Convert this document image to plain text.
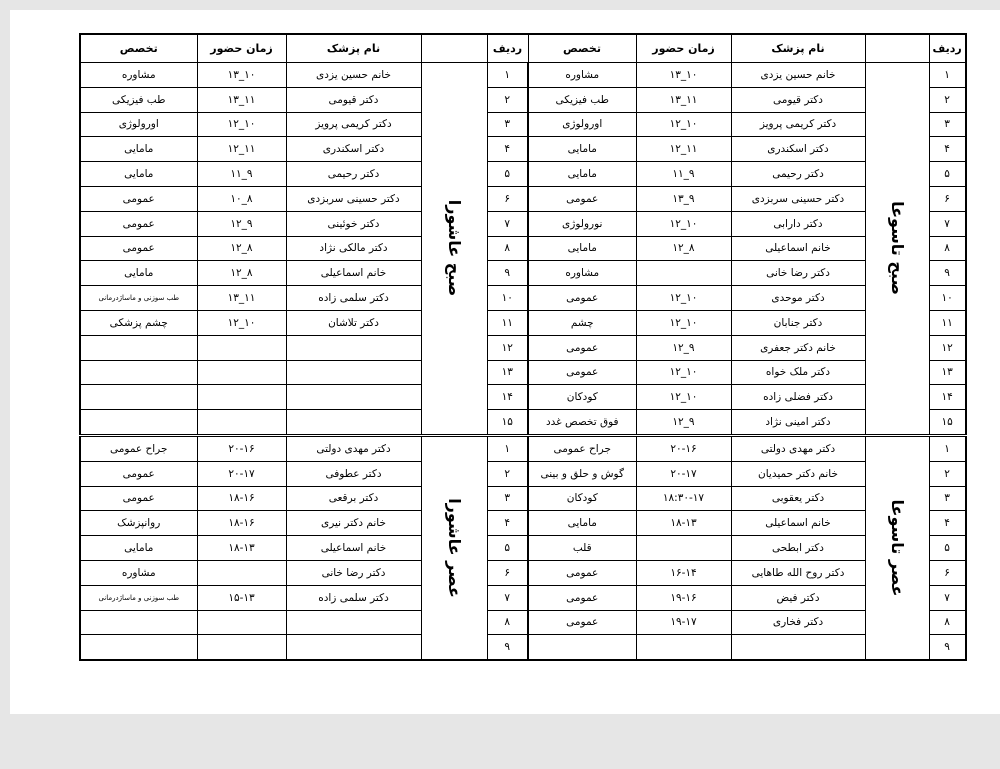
تخصص	زمان حضور	نام پزشک		ردیف	تخصص	زمان حضور	نام پزشک		ردیف
مشاوره	۱۳_۱۰	خانم حسین یزدی	صبح عاشورا	۱	مشاوره	۱۳_۱۰	خانم حسین یزدی	صبح تاسوعا	۱
طب فیزیکی	۱۳_۱۱	دکتر قیومی		۲	طب فیزیکی	۱۳_۱۱	دکتر قیومی		۲
اورولوژی	۱۲_۱۰	دکتر کریمی پرویز		۳	اورولوژی	۱۲_۱۰	دکتر کریمی پرویز		۳
مامایی	۱۲_۱۱	دکتر اسکندری		۴	مامایی	۱۲_۱۱	دکتر اسکندری		۴
مامایی	۱۱_۹	دکتر رحیمی		۵	مامایی	۱۱_۹	دکتر رحیمی		۵
عمومی	۱۰_۸	دکتر حسینی سربزدی		۶	عمومی	۱۳_۹	دکتر حسینی سربزدی		۶
عمومی	۱۲_۹	دکتر خوئینی		۷	نورولوژی	۱۲_۱۰	دکتر دارابی		۷
عمومی	۱۲_۸	دکتر مالکی نژاد		۸	مامایی	۱۲_۸	خانم اسماعیلی		۸
مامایی	۱۲_۸	خانم اسماعیلی		۹	مشاوره		دکتر رضا خانی		۹
طب سوزنی و ماساژدرمانی	۱۳_۱۱	دکتر سلمی زاده		۱۰	عمومی	۱۲_۱۰	دکتر موحدی		۱۰
چشم پزشکی	۱۲_۱۰	دکتر تلاشان		۱۱	چشم	۱۲_۱۰	دکتر جنابان		۱۱
				۱۲	عمومی	۱۲_۹	خانم دکتر جعفری		۱۲
				۱۳	عمومی	۱۲_۱۰	دکتر ملک خواه		۱۳
				۱۴	کودکان	۱۲_۱۰	دکتر فضلی زاده		۱۴
				۱۵	فوق تخصص غدد	۱۲_۹	دکتر امینی نژاد		۱۵
جراح عمومی	۲۰-۱۶	دکتر مهدی دولتی	عصر عاشورا	۱	جراح عمومی	۲۰-۱۶	دکتر مهدی دولتی	عصر تاسوعا	۱
عمومی	۲۰-۱۷	دکتر عطوفی		۲	گوش و حلق و بینی	۲۰-۱۷	خانم دکتر حمیدیان		۲
عمومی	۱۸-۱۶	دکتر برقعی		۳	کودکان	۱۸:۳۰-۱۷	دکتر یعقوبی		۳
روانپزشک	۱۸-۱۶	خانم دکتر نیری		۴	مامایی	۱۸-۱۳	خانم اسماعیلی		۴
مامایی	۱۸-۱۳	خانم اسماعیلی		۵	قلب		دکتر ابطحی		۵
مشاوره		دکتر رضا خانی		۶	عمومی	۱۶-۱۴	دکتر روح الله طاهایی		۶
طب سوزنی و ماساژدرمانی	۱۵-۱۳	دکتر سلمی زاده		۷	عمومی	۱۹-۱۶	دکتر فیض		۷
				۸	عمومی	۱۹-۱۷	دکتر فخاری		۸
				۹					۹
